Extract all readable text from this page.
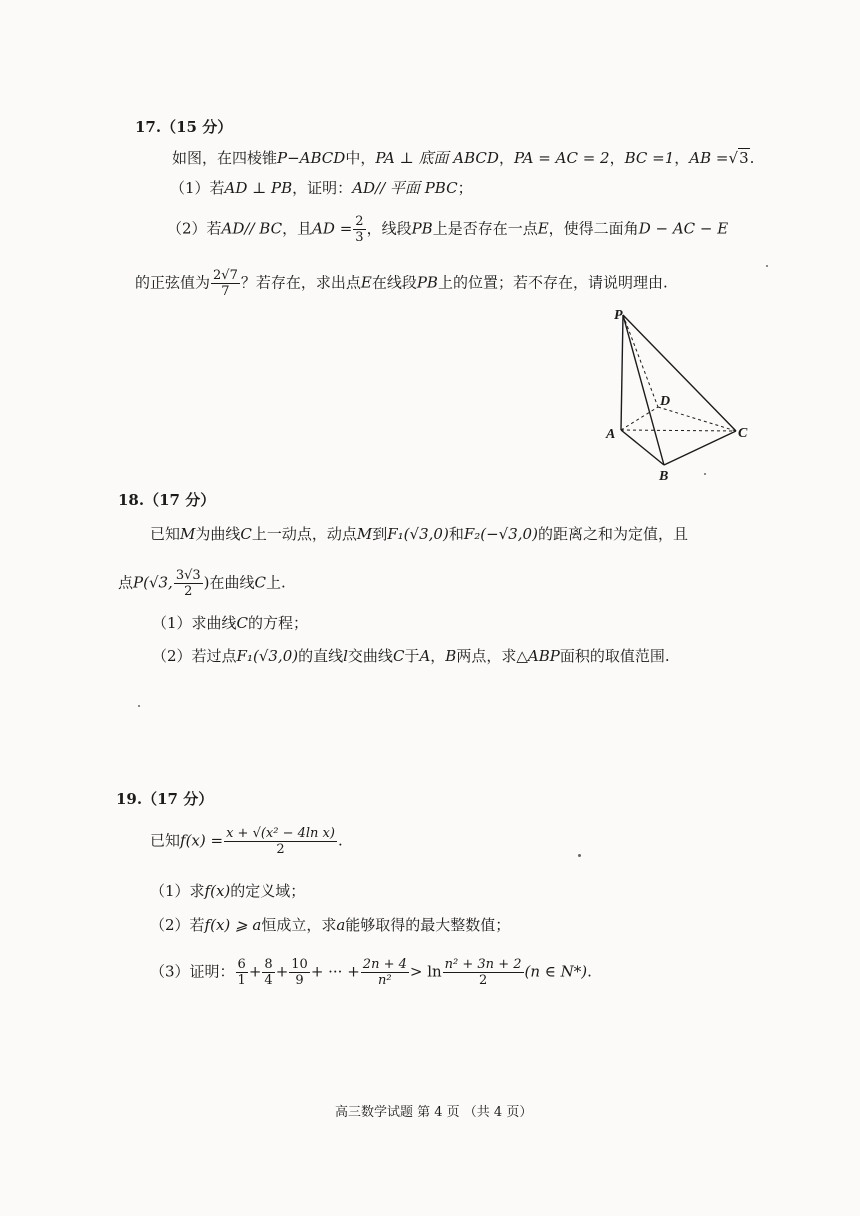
17.（15 分）
如图，在四棱锥P−ABCD中，PA ⊥ 底面 ABCD，PA = AC = 2，BC =1，AB =√3.
（1）若AD ⊥ PB，证明：AD// 平面 PBC；
（2）若AD// BC，且AD = $\frac{2}{3}$ ，线段PB上是否存在一点E，使得二面角D − AC − E
的正弦值为 $\frac{2√7}{7}$ ？若存在，求出点E在线段PB上的位置；若不存在，请说明理由.
P
D
A	C
B
18.（17 分）
已知M为曲线C上一动点，动点M到F₁(√3,0)和F₂(−√3,0)的距离之和为定值，且
点P(√3, $\frac{3√3}{2}$ )在曲线C上.
（1）求曲线C的方程；
（2）若过点F₁(√3,0)的直线l交曲线C于A，B两点，求△ABP面积的取值范围.
19.（17 分）
已知$f(x) = \frac{\text{x + √(x² − 4ln x)}}{2}$ .
（1）求f(x)的定义域；
（2）若f(x) ⩾ a恒成立，求a能够取得的最大整数值；
（3）证明： $\frac{6}{1} + \frac{8}{4} + \frac{10}{9}$ + ··· + $\frac{2n + 4}{\text{n²}} > \ln \frac{\text{n² + 3n + 2}}{2} (n$ ∈ N*).
高三数学试题 第 4 页 （共 4 页）
